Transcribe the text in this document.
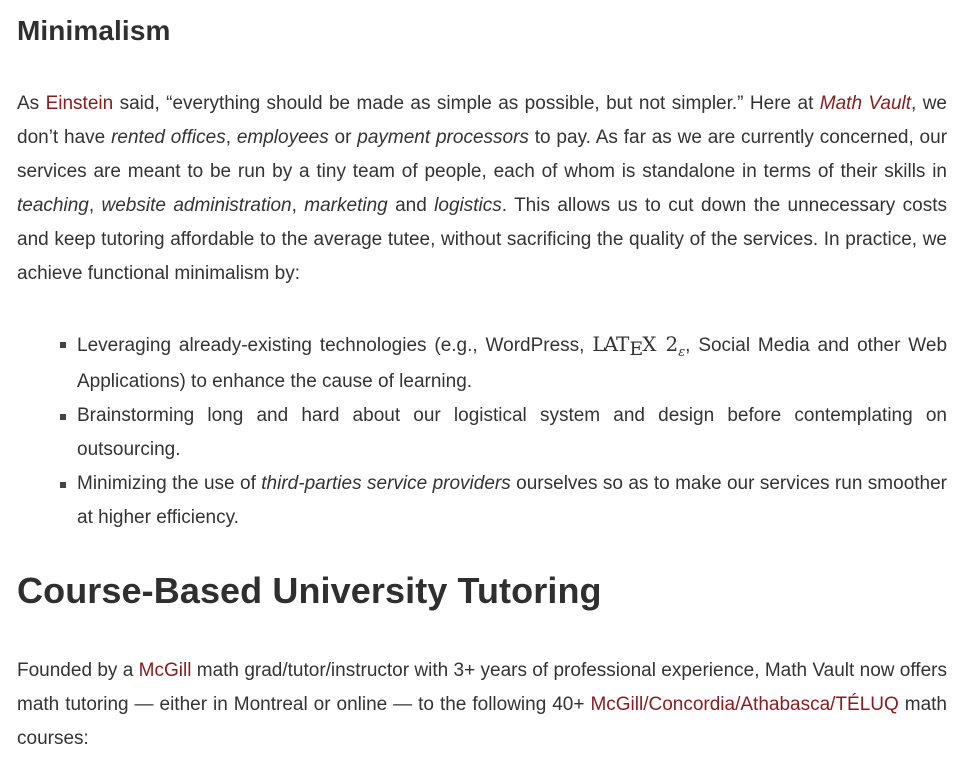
Minimalism

As Einstein said, “everything should be made as simple as possible, but not simpler.” Here at Math Vault, we don’t have rented offices, employees or payment processors to pay. As far as we are currently concerned, our services are meant to be run by a tiny team of people, each of whom is standalone in terms of their skills in teaching, website administration, marketing and logistics. This allows us to cut down the unnecessary costs and keep tutoring affordable to the average tutee, without sacrificing the quality of the services. In practice, we achieve functional minimalism by:

Leveraging already-existing technologies (e.g., WordPress, LATEX $2_\varepsilon$, Social Media and other Web Applications) to enhance the cause of learning.
Brainstorming long and hard about our logistical system and design before contemplating on outsourcing.
Minimizing the use of third-parties service providers ourselves so as to make our services run smoother at higher efficiency.
Course-Based University Tutoring

Founded by a McGill math grad/tutor/instructor with 3+ years of professional experience, Math Vault now offers math tutoring — either in Montreal or online — to the following 40+ McGill/Concordia/Athabasca/TÉLUQ math courses:
